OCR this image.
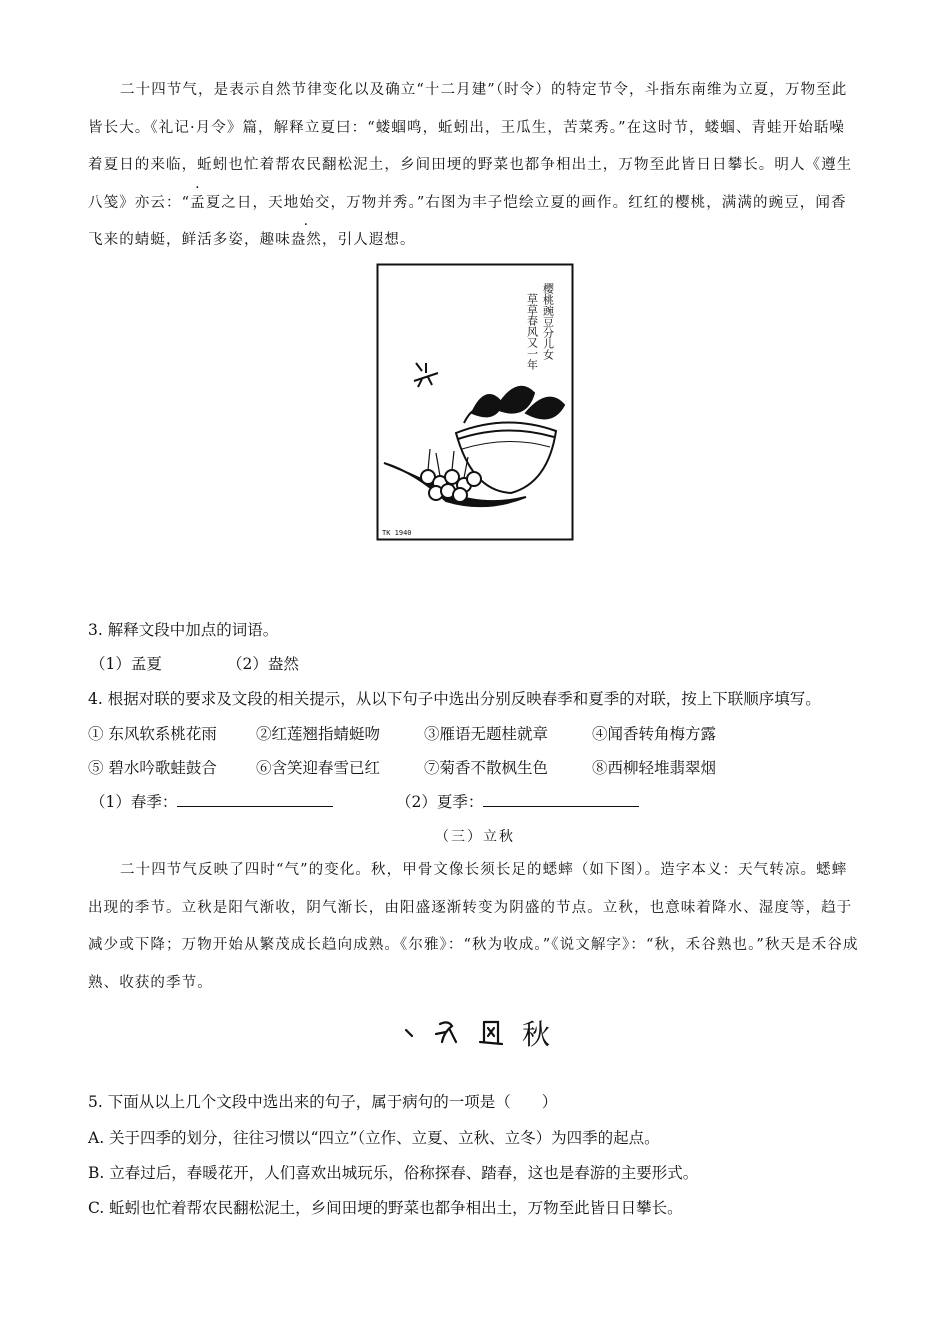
二十四节气，是表示自然节律变化以及确立“十二月建”（时令）的特定节令，斗指东南维为立夏，万物至此皆长大。《礼记·月令》篇，解释立夏曰：“蝼蝈鸣，蚯蚓出，王瓜生，苦菜秀。”在这时节，蝼蝈、青蛙开始聒噪着夏日的来临，蚯蚓也忙着帮农民翻松泥土，乡间田埂的野菜也都争相出土，万物至此皆日日攀长。明人《遵生八笺》亦云：“孟夏之日，天地始交，万物并秀。”右图为丰子恺绘立夏的画作。红红的樱桃，满满的豌豆，闻香飞来的蜻蜓，鲜活多姿，趣味盎然，引人遐想。

樱桃豌豆分儿女
草草春风又一年
TK 1940

3. 解释文段中加点的词语。

（1）孟夏	（2）盎然

4. 根据对联的要求及文段的相关提示，从以下句子中选出分别反映春季和夏季的对联，按上下联顺序填写。

① 东风软系桃花雨	②红莲翘指蜻蜓吻	③雁语无题桂就章	④闻香转角梅方露

⑤ 碧水吟歌蛙鼓合	⑥含笑迎春雪已红	⑦菊香不散枫生色	⑧西柳轻堆翡翠烟

（1）春季：	（2）夏季：

（三）立秋

二十四节气反映了四时“气”的变化。秋，甲骨文像长须长足的蟋蟀（如下图）。造字本义：天气转凉。蟋蟀出现的季节。立秋是阳气渐收，阴气渐长，由阳盛逐渐转变为阴盛的节点。立秋，也意味着降水、湿度等，趋于减少或下降；万物开始从繁茂成长趋向成熟。《尔雅》：“秋为收成。”《说文解字》：“秋，禾谷熟也。”秋天是禾谷成熟、收获的季节。

秋

5. 下面从以上几个文段中选出来的句子，属于病句的一项是（　　）

A. 关于四季的划分，往往习惯以“四立”（立作、立夏、立秋、立冬）为四季的起点。

B. 立春过后，春暖花开，人们喜欢出城玩乐，俗称探春、踏春，这也是春游的主要形式。

C. 蚯蚓也忙着帮农民翻松泥土，乡间田埂的野菜也都争相出土，万物至此皆日日攀长。
